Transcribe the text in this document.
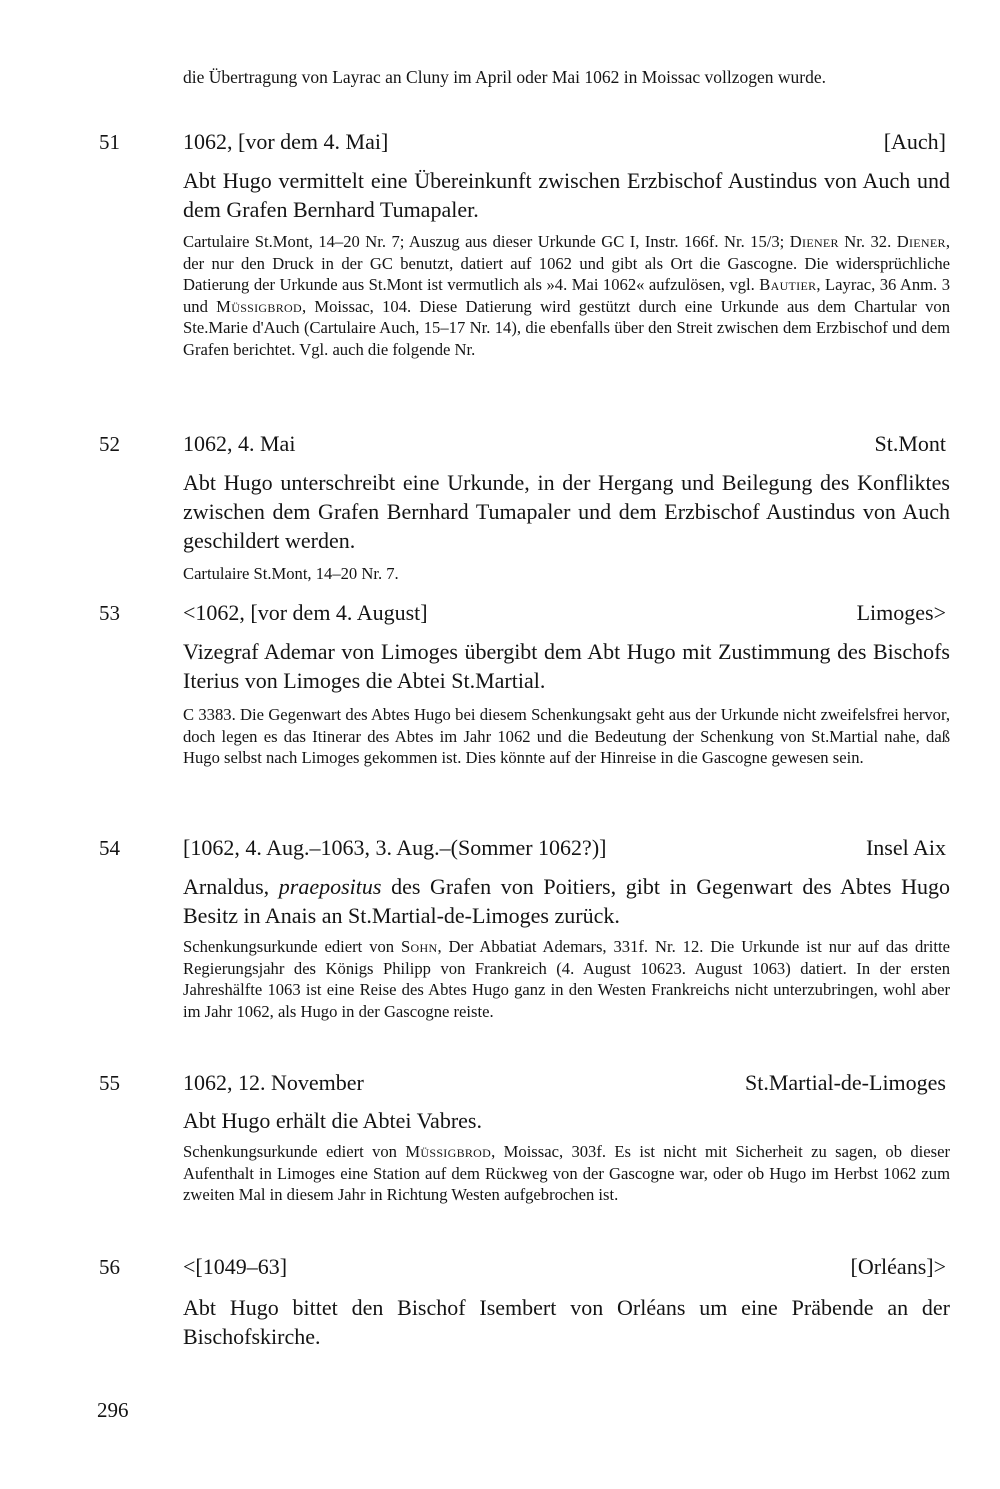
die Übertragung von Layrac an Cluny im April oder Mai 1062 in Moissac vollzogen wurde.
51	1062, [vor dem 4. Mai]	[Auch]
Abt Hugo vermittelt eine Übereinkunft zwischen Erzbischof Austindus von Auch und dem Grafen Bernhard Tumapaler.
Cartulaire St.Mont, 14–20 Nr. 7; Auszug aus dieser Urkunde GC I, Instr. 166f. Nr. 15/3; Diener Nr. 32. Diener, der nur den Druck in der GC benutzt, datiert auf 1062 und gibt als Ort die Gascogne. Die widersprüchliche Datierung der Urkunde aus St.Mont ist vermutlich als »4. Mai 1062« aufzulösen, vgl. Bautier, Layrac, 36 Anm. 3 und Müssigbrod, Moissac, 104. Diese Datierung wird gestützt durch eine Urkunde aus dem Chartular von Ste.Marie d'Auch (Cartulaire Auch, 15–17 Nr. 14), die ebenfalls über den Streit zwischen dem Erzbischof und dem Grafen berichtet. Vgl. auch die folgende Nr.
52	1062, 4. Mai	St.Mont
Abt Hugo unterschreibt eine Urkunde, in der Hergang und Beilegung des Konfliktes zwischen dem Grafen Bernhard Tumapaler und dem Erzbischof Austindus von Auch geschildert werden.
Cartulaire St.Mont, 14–20 Nr. 7.
53	<1062, [vor dem 4. August]	Limoges>
Vizegraf Ademar von Limoges übergibt dem Abt Hugo mit Zustimmung des Bischofs Iterius von Limoges die Abtei St.Martial.
C 3383. Die Gegenwart des Abtes Hugo bei diesem Schenkungsakt geht aus der Urkunde nicht zweifelsfrei hervor, doch legen es das Itinerar des Abtes im Jahr 1062 und die Bedeutung der Schenkung von St.Martial nahe, daß Hugo selbst nach Limoges gekommen ist. Dies könnte auf der Hinreise in die Gascogne gewesen sein.
54	[1062, 4. Aug.–1063, 3. Aug.–(Sommer 1062?)]	Insel Aix
Arnaldus, praepositus des Grafen von Poitiers, gibt in Gegenwart des Abtes Hugo Besitz in Anais an St.Martial-de-Limoges zurück.
Schenkungsurkunde ediert von Sohn, Der Abbatiat Ademars, 331f. Nr. 12. Die Urkunde ist nur auf das dritte Regierungsjahr des Königs Philipp von Frankreich (4. August 10623. August 1063) datiert. In der ersten Jahreshälfte 1063 ist eine Reise des Abtes Hugo ganz in den Westen Frankreichs nicht unterzubringen, wohl aber im Jahr 1062, als Hugo in der Gascogne reiste.
55	1062, 12. November	St.Martial-de-Limoges
Abt Hugo erhält die Abtei Vabres.
Schenkungsurkunde ediert von Müssigbrod, Moissac, 303f. Es ist nicht mit Sicherheit zu sagen, ob dieser Aufenthalt in Limoges eine Station auf dem Rückweg von der Gascogne war, oder ob Hugo im Herbst 1062 zum zweiten Mal in diesem Jahr in Richtung Westen aufgebrochen ist.
56	<[1049–63]	[Orléans]>
Abt Hugo bittet den Bischof Isembert von Orléans um eine Präbende an der Bischofskirche.
296
